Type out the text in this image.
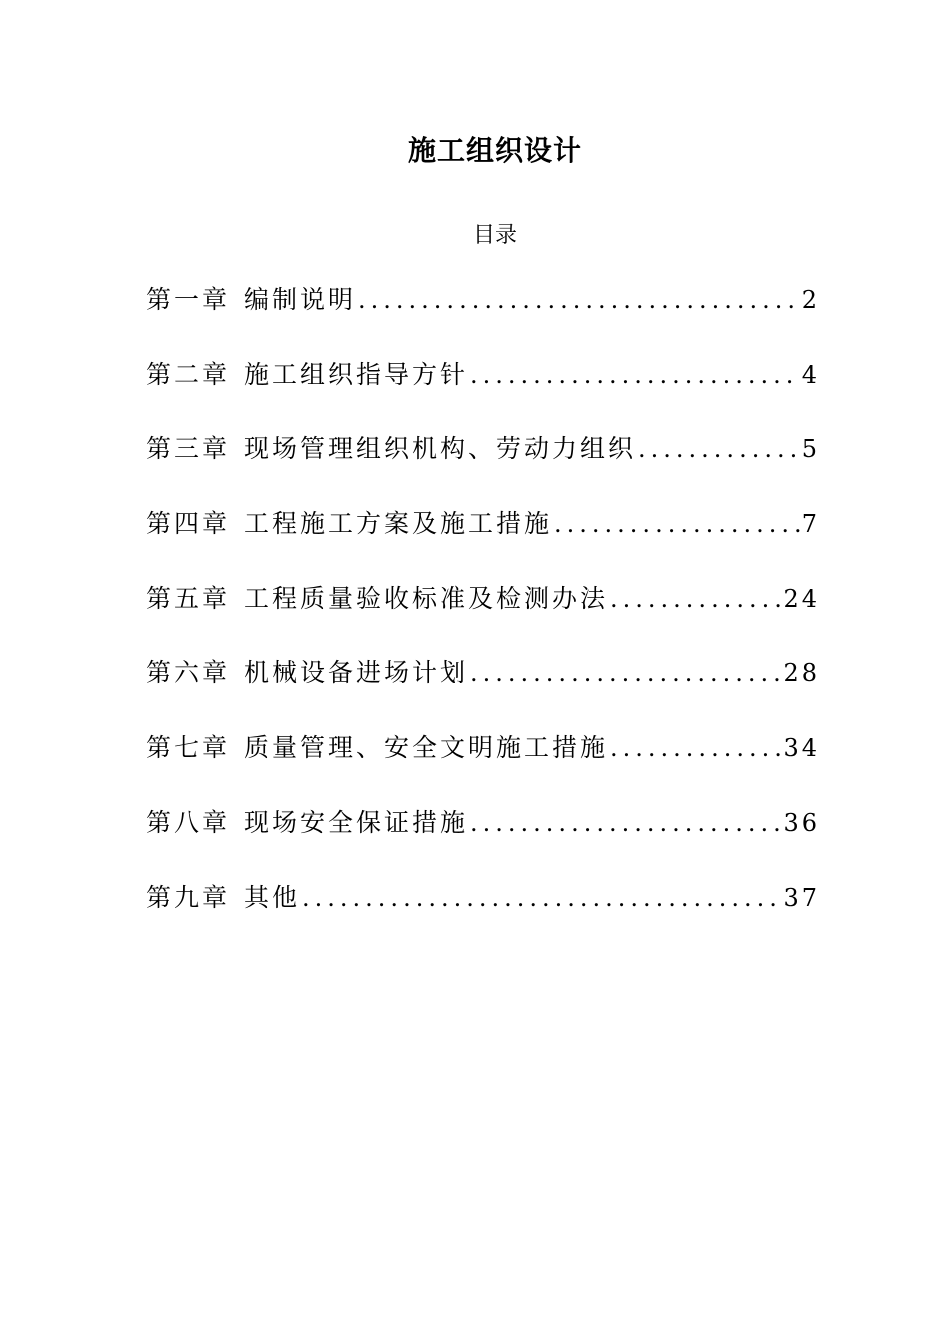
施工组织设计
目录
第一章 编制说明 .....	2
第二章 施工组织指导方针 .....	4
第三章 现场管理组织机构、劳动力组织 .....	5
第四章 工程施工方案及施工措施 .....	7
第五章 工程质量验收标准及检测办法 .....	24
第六章 机械设备进场计划 .....	28
第七章 质量管理、安全文明施工措施 .....	34
第八章 现场安全保证措施 .....	36
第九章 其他 .....	37
